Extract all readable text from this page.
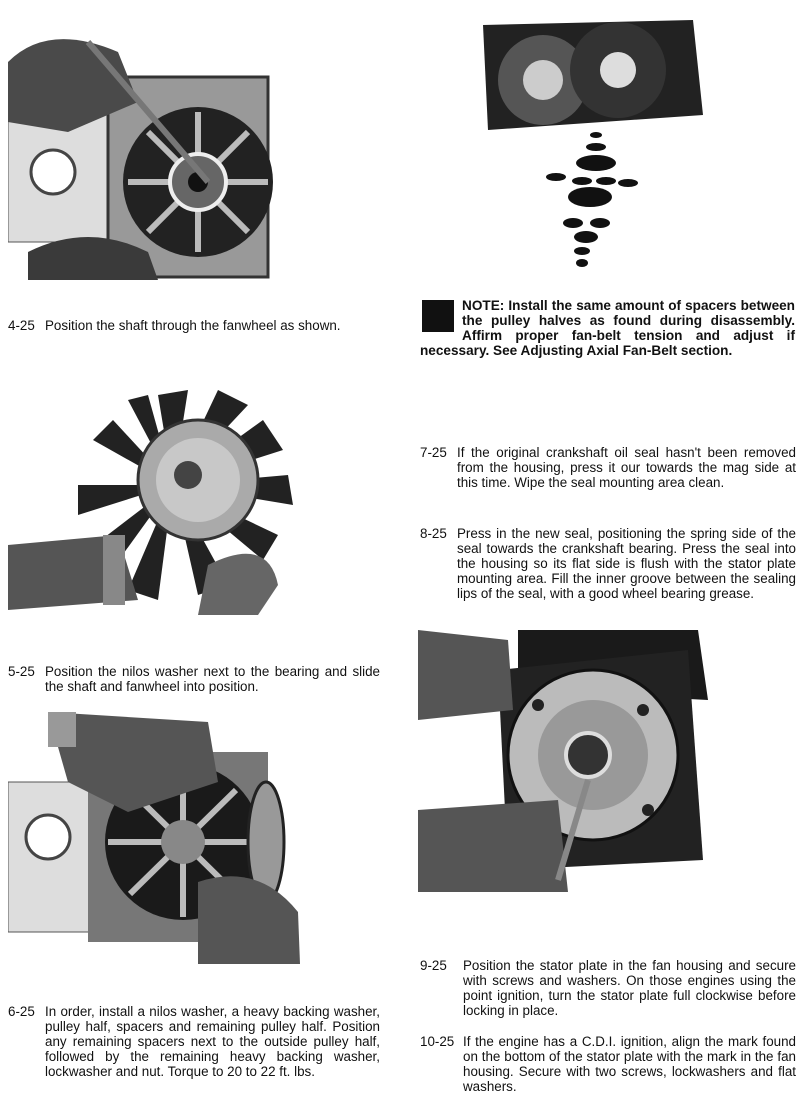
4-25 Position the shaft through the fanwheel as shown.
5-25 Position the nilos washer next to the bearing and slide the shaft and fanwheel into position.
6-25 In order, install a nilos washer, a heavy backing washer, pulley half, spacers and remaining pulley half. Position any remaining spacers next to the outside pulley half, followed by the remaining heavy backing washer, lockwasher and nut. Torque to 20 to 22 ft. lbs.
NOTE: Install the same amount of spacers between the pulley halves as found during disassembly. Affirm proper fan-belt tension and adjust if necessary. See Adjusting Axial Fan-Belt section.
7-25 If the original crankshaft oil seal hasn't been removed from the housing, press it our towards the mag side at this time. Wipe the seal mounting area clean.
8-25 Press in the new seal, positioning the spring side of the seal towards the crankshaft bearing. Press the seal into the housing so its flat side is flush with the stator plate mounting area. Fill the inner groove between the sealing lips of the seal, with a good wheel bearing grease.
9-25 Position the stator plate in the fan housing and secure with screws and washers. On those engines using the point ignition, turn the stator plate full clockwise before locking in place.
10-25 If the engine has a C.D.I. ignition, align the mark found on the bottom of the stator plate with the mark in the fan housing. Secure with two screws, lockwashers and flat washers.
